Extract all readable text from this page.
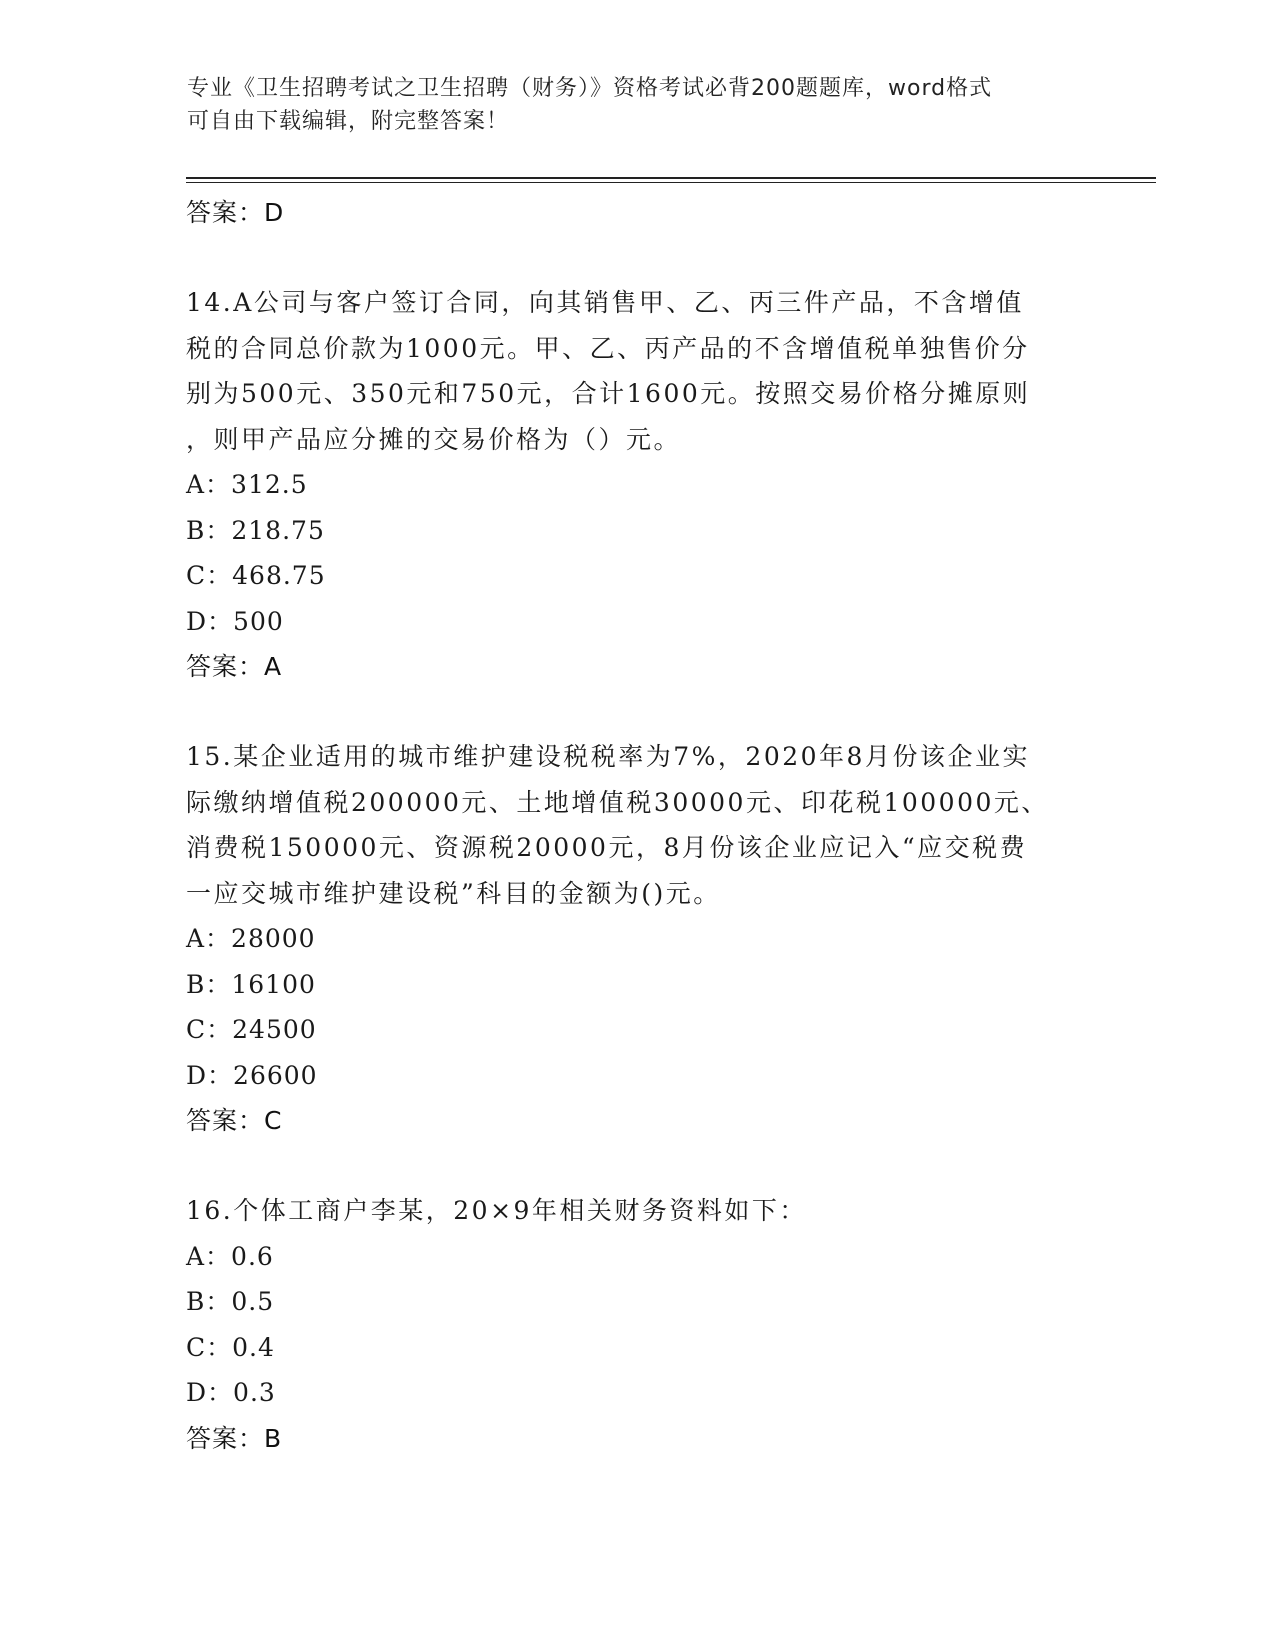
专业《卫生招聘考试之卫生招聘（财务）》资格考试必背200题题库，word格式
可自由下载编辑，附完整答案！
答案：D

14.A公司与客户签订合同，向其销售甲、乙、丙三件产品，不含增值

税的合同总价款为1000元。甲、乙、丙产品的不含增值税单独售价分

别为500元、350元和750元，合计1600元。按照交易价格分摊原则

，则甲产品应分摊的交易价格为（）元。

A：312.5
B：218.75
C：468.75
D：500
答案：A

15.某企业适用的城市维护建设税税率为7%，2020年8月份该企业实

际缴纳增值税200000元、土地增值税30000元、印花税100000元、

消费税150000元、资源税20000元，8月份该企业应记入“应交税费

一应交城市维护建设税”科目的金额为()元。

A：28000
B：16100
C：24500
D：26600
答案：C

16.个体工商户李某，20×9年相关财务资料如下：

A：0.6
B：0.5
C：0.4
D：0.3
答案：B
